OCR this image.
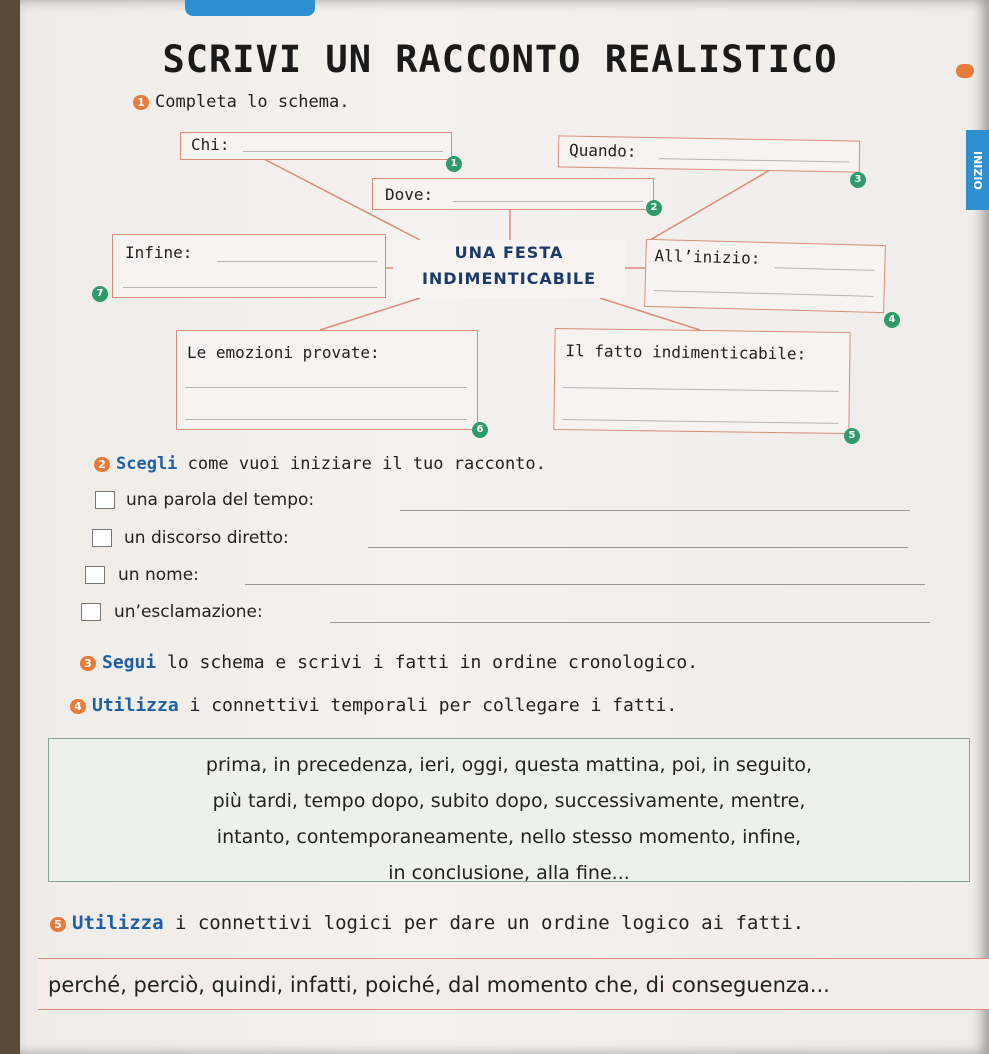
INIZIO
SCRIVI UN RACCONTO REALISTICO
1 Completa lo schema.
Chi:
1
Quando:
3
Dove:
2
Infine:
7
UNA FESTA
INDIMENTICABILE
All’inizio:
4
Le emozioni provate:
6
Il fatto indimenticabile:
5
2 Scegli come vuoi iniziare il tuo racconto.
una parola del tempo:
un discorso diretto:
un nome:
un’esclamazione:
3 Segui lo schema e scrivi i fatti in ordine cronologico.
4 Utilizza i connettivi temporali per collegare i fatti.
prima, in precedenza, ieri, oggi, questa mattina, poi, in seguito,
più tardi, tempo dopo, subito dopo, successivamente, mentre,
intanto, contemporaneamente, nello stesso momento, infine,
in conclusione, alla fine...
5 Utilizza i connettivi logici per dare un ordine logico ai fatti.
perché, perciò, quindi, infatti, poiché, dal momento che, di conseguenza...
